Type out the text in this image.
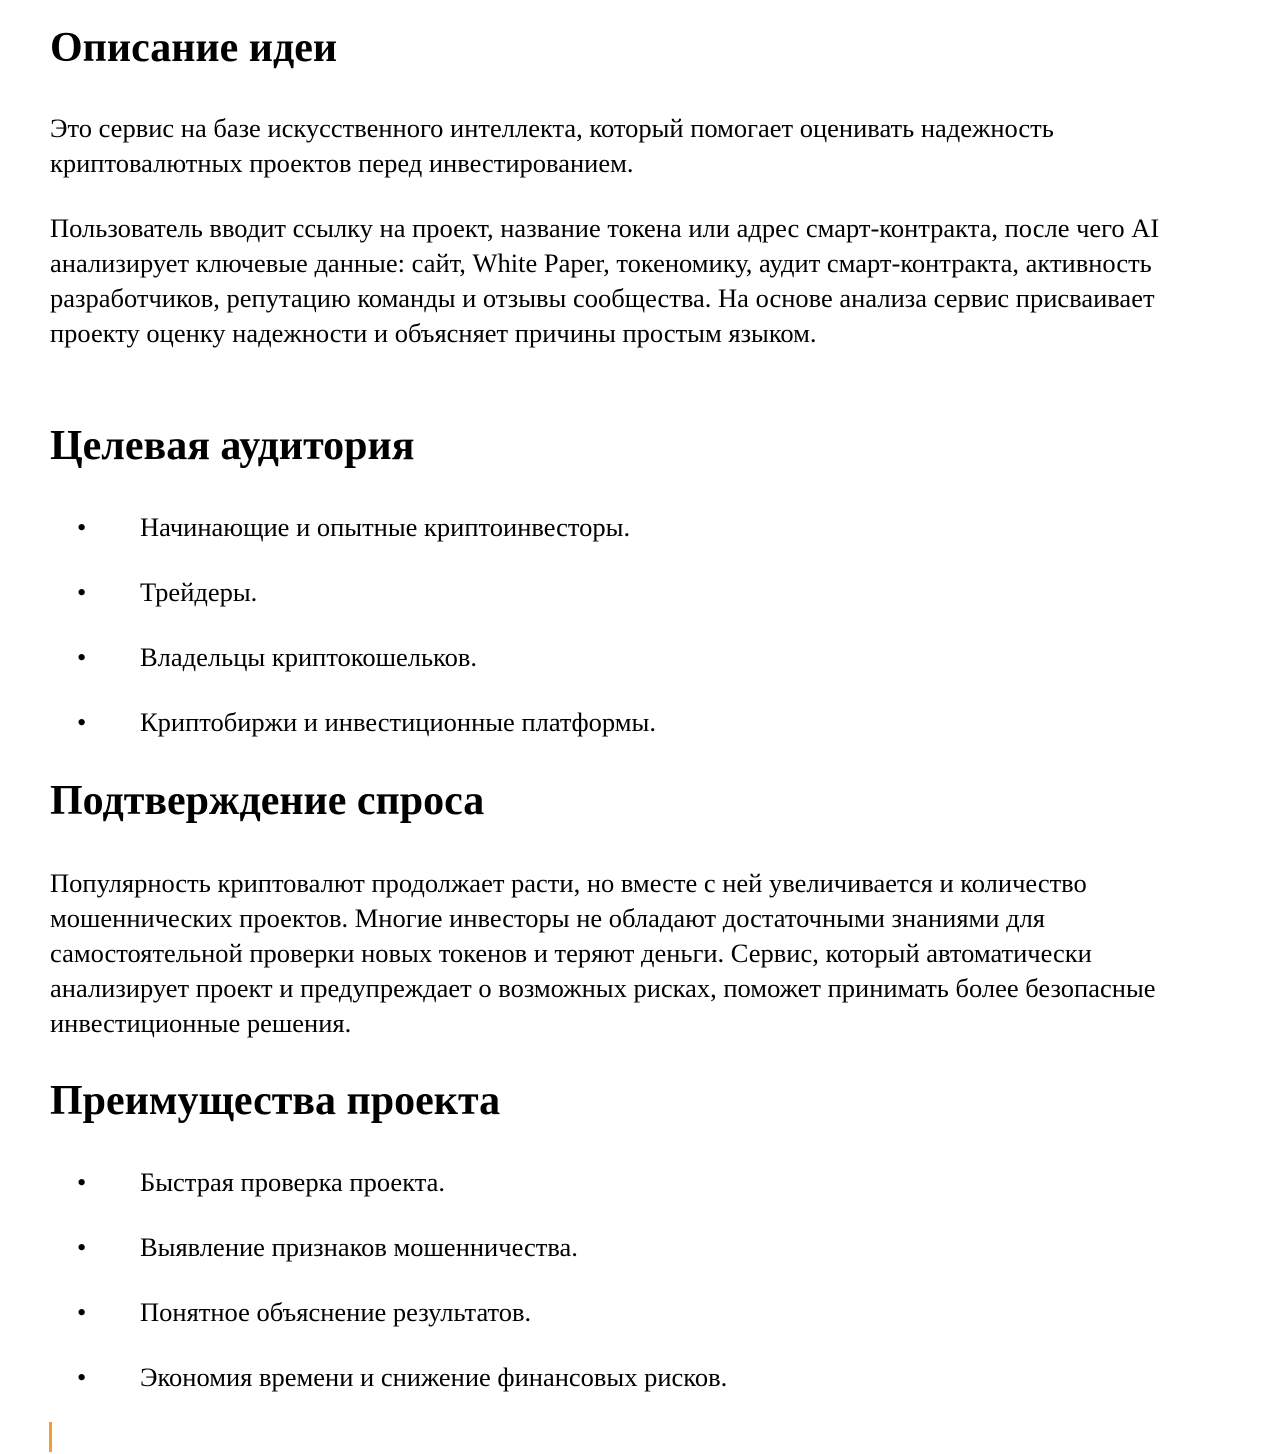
Описание идеи

Это сервис на базе искусственного интеллекта, который помогает оценивать надежность криптовалютных проектов перед инвестированием.

Пользователь вводит ссылку на проект, название токена или адрес смарт-контракта, после чего AI анализирует ключевые данные: сайт, White Paper, токеномику, аудит смарт-контракта, активность разработчиков, репутацию команды и отзывы сообщества. На основе анализа сервис присваивает проекту оценку надежности и объясняет причины простым языком.

Целевая аудитория
• Начинающие и опытные криптоинвесторы.
• Трейдеры.
• Владельцы криптокошельков.
• Криптобиржи и инвестиционные платформы.
Подтверждение спроса

Популярность криптовалют продолжает расти, но вместе с ней увеличивается и количество мошеннических проектов. Многие инвесторы не обладают достаточными знаниями для самостоятельной проверки новых токенов и теряют деньги. Сервис, который автоматически анализирует проект и предупреждает о возможных рисках, поможет принимать более безопасные инвестиционные решения.

Преимущества проекта
• Быстрая проверка проекта.
• Выявление признаков мошенничества.
• Понятное объяснение результатов.
• Экономия времени и снижение финансовых рисков.
